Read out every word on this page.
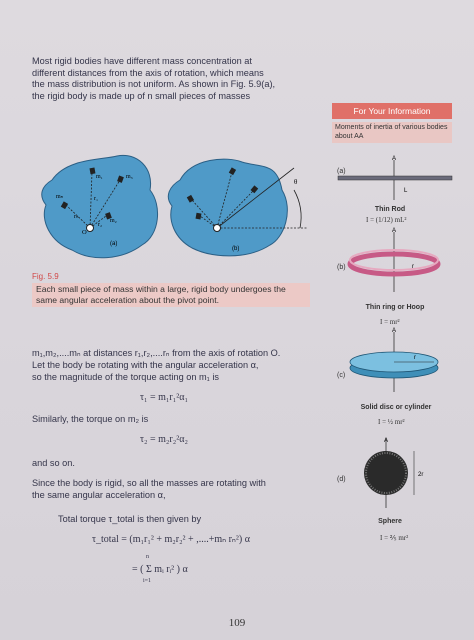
Most rigid bodies have different mass concentration at
different distances from the axis of rotation, which means
the mass distribution is not uniform. As shown in Fig. 5.9(a),
the rigid body is made up of n small pieces of masses
For Your Information
Moments of inertia of various bodies about AA
m₁
m₂
m₃
mₙ	r₁
r₂
rₙ
O
(a)
θ
(b)
Fig. 5.9
Each small piece of mass within a large, rigid body undergoes the same angular acceleration about the pivot point.
m₁,m₂,....mₙ at distances r₁,r₂,....rₙ from the axis of rotation O.
Let the body be rotating with the angular acceleration α,
so the magnitude of the torque acting on m₁ is
τ₁ = m₁r₁²α₁
Similarly, the torque on m₂ is
τ₂ = m₂r₂²α₂
and so on.
Since the body is rigid, so all the masses are rotating with
the same angular acceleration α,
Total torque τ_total is then given by
τ_total = (m₁r₁² + m₂r₂² + ,....+mₙ rₙ²) α
= ( Σ mᵢ rᵢ² ) α
n
i=1
A
L
A
r
A
r
A
2r
(a)
Thin Rod
I = (1/12) mL²
(b)
Thin ring or Hoop
I = mr²
(c)
Solid disc or cylinder
I = ½ mr²
(d)
Sphere
I = ⅖ mr²
109
